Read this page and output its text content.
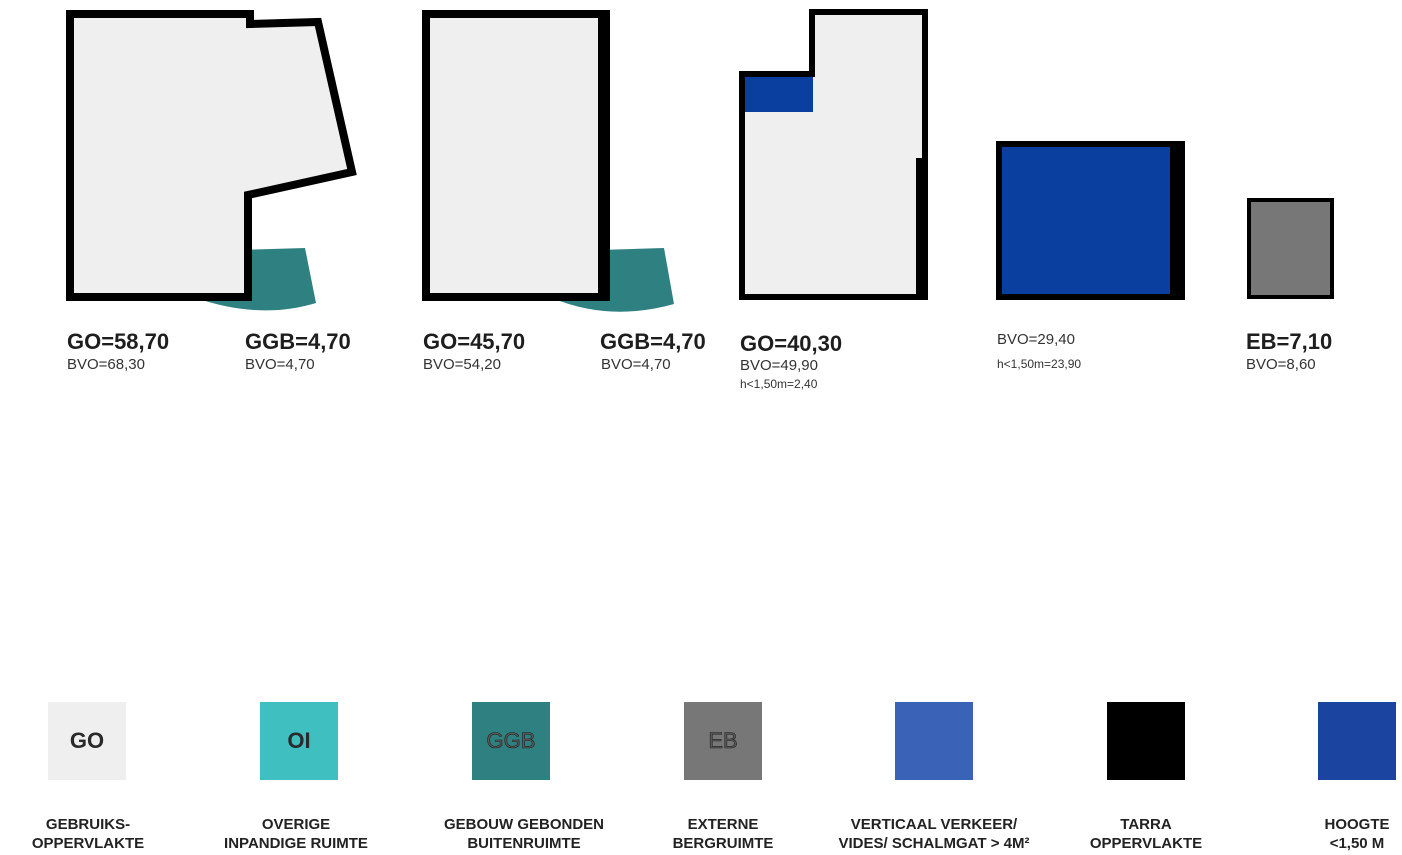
GO=58,70
BVO=68,30
GGB=4,70
BVO=4,70
GO=45,70
BVO=54,20
GGB=4,70
BVO=4,70
GO=40,30
BVO=49,90
h<1,50m=2,40
BVO=29,40
h<1,50m=23,90
EB=7,10
BVO=8,60
GO
GEBRUIKS-
OPPERVLAKTE
OI
OVERIGE
INPANDIGE RUIMTE
GGB
GEBOUW GEBONDEN
BUITENRUIMTE
EB
EXTERNE
BERGRUIMTE
VERTICAAL VERKEER/
VIDES/ SCHALMGAT > 4M²
TARRA
OPPERVLAKTE
HOOGTE
<1,50 M
